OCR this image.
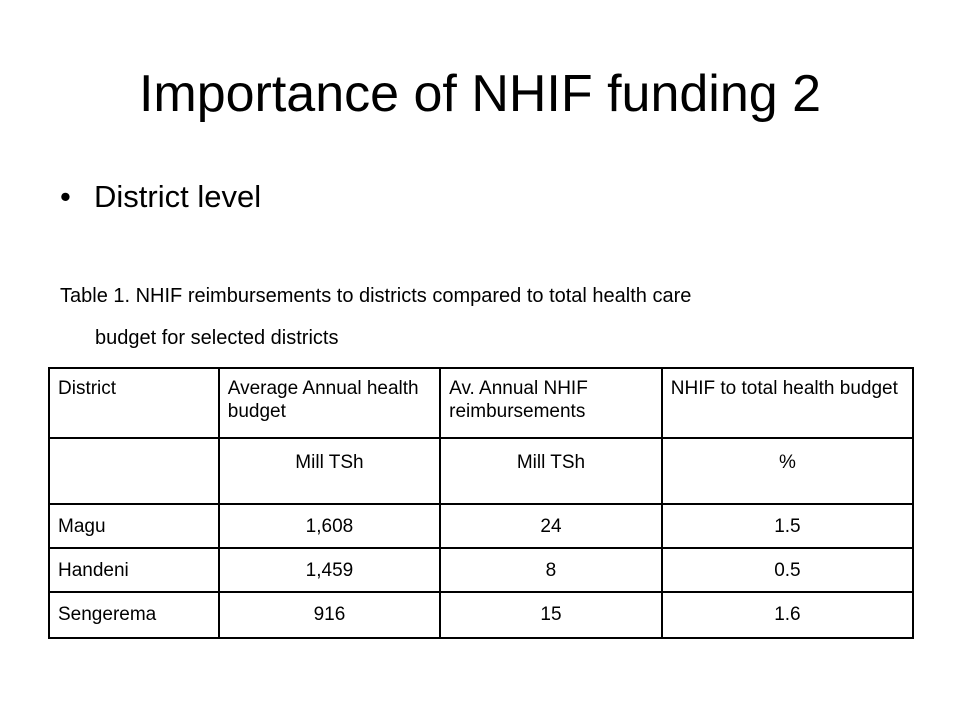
Importance of NHIF funding 2
• District level
Table 1. NHIF reimbursements to districts compared to total health care
budget for selected districts
District	Average Annual health budget	Av. Annual NHIF reimbursements	NHIF to total health budget
	Mill TSh	Mill TSh	%
Magu	1,608	24	1.5
Handeni	1,459	8	0.5
Sengerema	916	15	1.6
